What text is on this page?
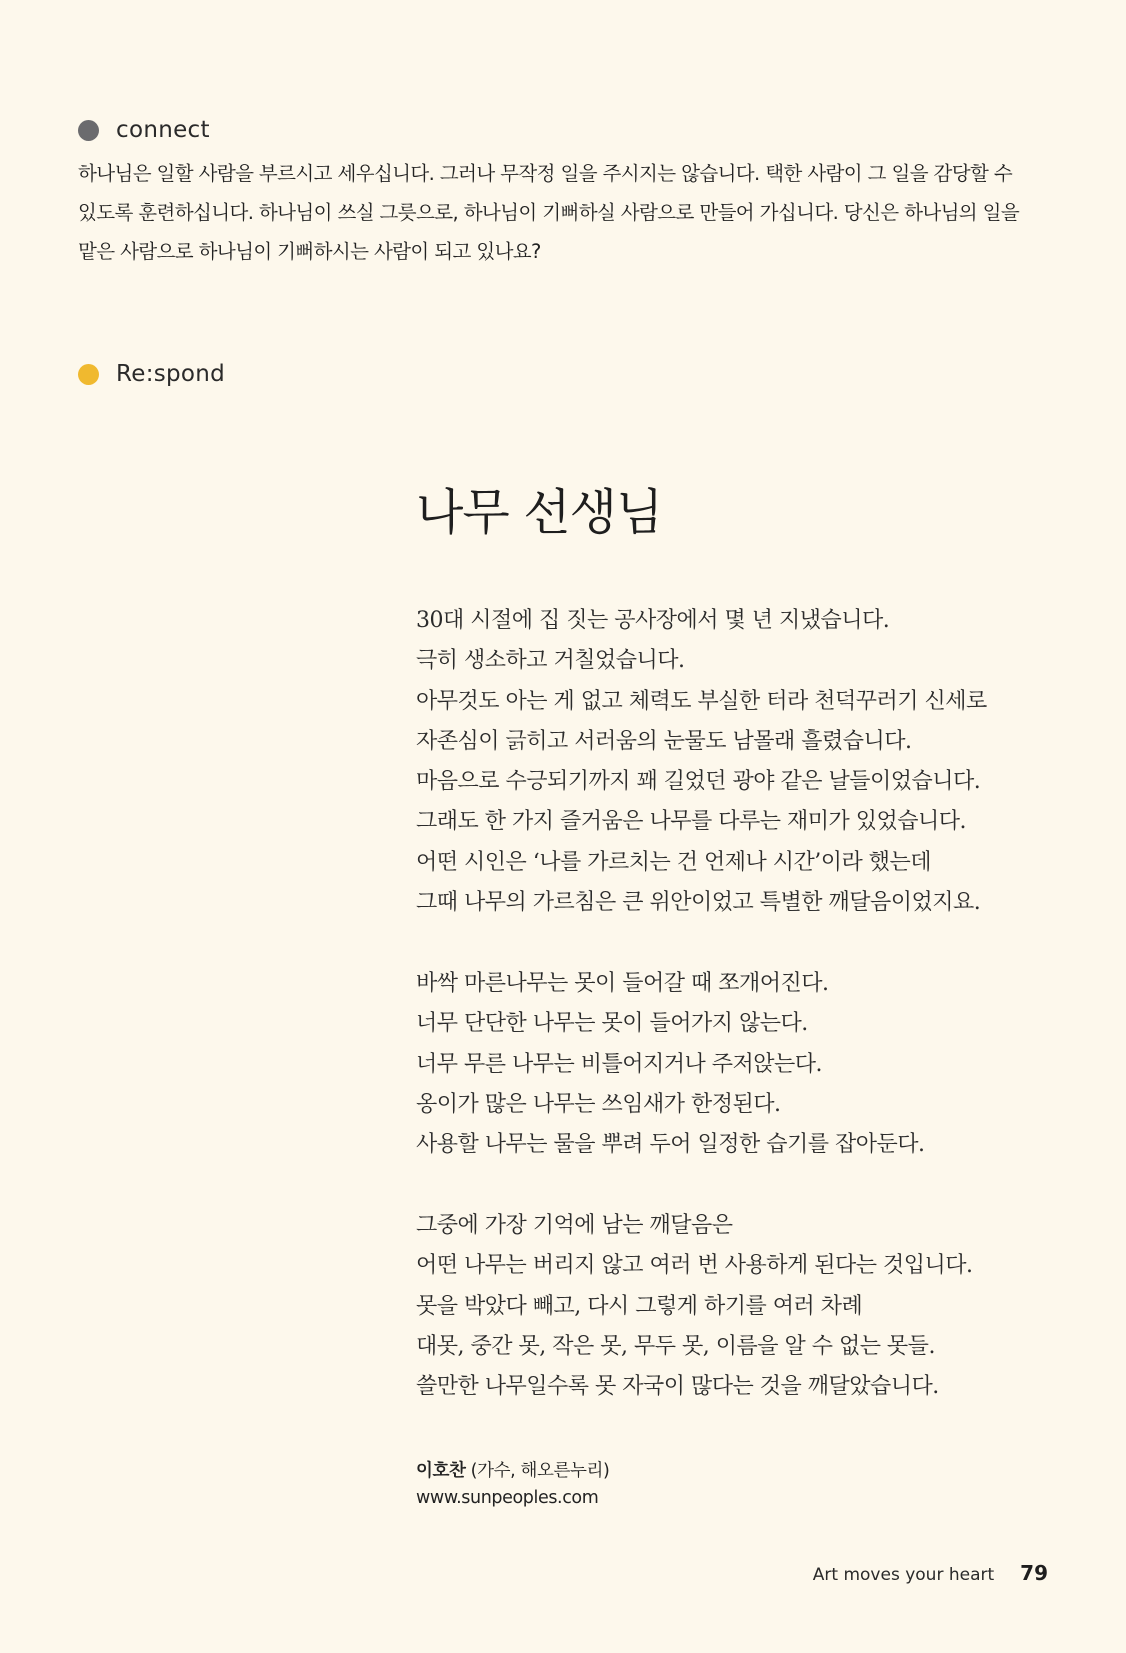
connect

하나님은 일할 사람을 부르시고 세우십니다. 그러나 무작정 일을 주시지는 않습니다. 택한 사람이 그 일을 감당할 수

있도록 훈련하십니다. 하나님이 쓰실 그릇으로, 하나님이 기뻐하실 사람으로 만들어 가십니다. 당신은 하나님의 일을

맡은 사람으로 하나님이 기뻐하시는 사람이 되고 있나요?

Re:spond
나무 선생님

30대 시절에 집 짓는 공사장에서 몇 년 지냈습니다.

극히 생소하고 거칠었습니다.

아무것도 아는 게 없고 체력도 부실한 터라 천덕꾸러기 신세로

자존심이 긁히고 서러움의 눈물도 남몰래 흘렸습니다.

마음으로 수긍되기까지 꽤 길었던 광야 같은 날들이었습니다.

그래도 한 가지 즐거움은 나무를 다루는 재미가 있었습니다.

어떤 시인은 ‘나를 가르치는 건 언제나 시간’이라 했는데

그때 나무의 가르침은 큰 위안이었고 특별한 깨달음이었지요.

바싹 마른나무는 못이 들어갈 때 쪼개어진다.

너무 단단한 나무는 못이 들어가지 않는다.

너무 무른 나무는 비틀어지거나 주저앉는다.

옹이가 많은 나무는 쓰임새가 한정된다.

사용할 나무는 물을 뿌려 두어 일정한 습기를 잡아둔다.

그중에 가장 기억에 남는 깨달음은

어떤 나무는 버리지 않고 여러 번 사용하게 된다는 것입니다.

못을 박았다 빼고, 다시 그렇게 하기를 여러 차례

대못, 중간 못, 작은 못, 무두 못, 이름을 알 수 없는 못들.

쓸만한 나무일수록 못 자국이 많다는 것을 깨달았습니다.

이호찬 (가수, 해오른누리)
www.sunpeoples.com
Art moves your heart 79
